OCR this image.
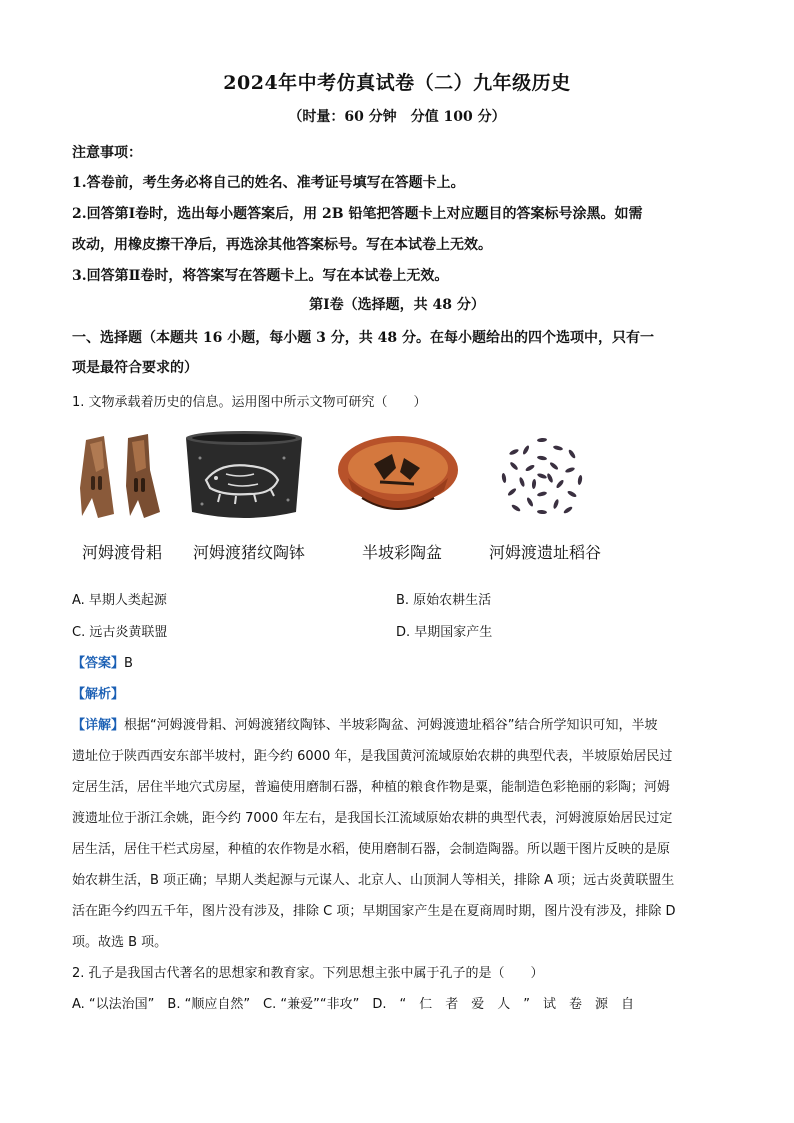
2024年中考仿真试卷（二）九年级历史
（时量：60 分钟　分值 100 分）
注意事项：
1.答卷前，考生务必将自己的姓名、准考证号填写在答题卡上。
2.回答第Ⅰ卷时，选出每小题答案后，用 2B 铅笔把答题卡上对应题目的答案标号涂黑。如需
改动，用橡皮擦干净后，再选涂其他答案标号。写在本试卷上无效。
3.回答第Ⅱ卷时，将答案写在答题卡上。写在本试卷上无效。
第Ⅰ卷（选择题，共 48 分）
一、选择题（本题共 16 小题，每小题 3 分，共 48 分。在每小题给出的四个选项中，只有一
项是最符合要求的）
1. 文物承载着历史的信息。运用图中所示文物可研究（　　）
河姆渡骨耜 河姆渡猪纹陶钵	半坡彩陶盆	河姆渡遗址稻谷
A. 早期人类起源	B. 原始农耕生活
C. 远古炎黄联盟	D. 早期国家产生
【答案】B
【解析】
【详解】根据“河姆渡骨耜、河姆渡猪纹陶钵、半坡彩陶盆、河姆渡遗址稻谷”结合所学知识可知，半坡
遗址位于陕西西安东部半坡村，距今约 6000 年，是我国黄河流域原始农耕的典型代表，半坡原始居民过
定居生活，居住半地穴式房屋，普遍使用磨制石器，种植的粮食作物是粟，能制造色彩艳丽的彩陶；河姆
渡遗址位于浙江余姚，距今约 7000 年左右，是我国长江流域原始农耕的典型代表，河姆渡原始居民过定
居生活，居住干栏式房屋，种植的农作物是水稻，使用磨制石器，会制造陶器。所以题干图片反映的是原
始农耕生活，B 项正确；早期人类起源与元谋人、北京人、山顶洞人等相关，排除 A 项；远古炎黄联盟生
活在距今约四五千年，图片没有涉及，排除 C 项；早期国家产生是在夏商周时期，图片没有涉及，排除 D
项。故选 B 项。
2. 孔子是我国古代著名的思想家和教育家。下列思想主张中属于孔子的是（　　）
A. “以法治国”　B. “顺应自然”　C. “兼爱”“非攻”　D.　“　仁　者　爱　人　”　试　卷　源　自
